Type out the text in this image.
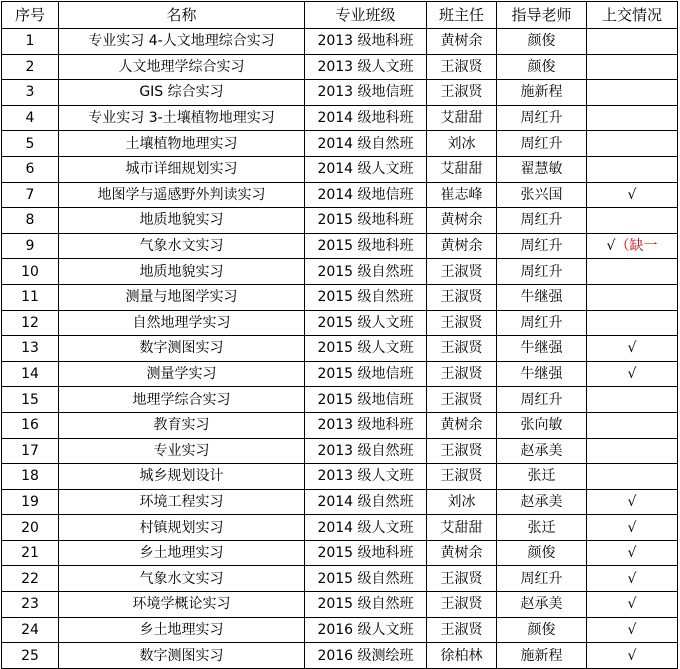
序号	名称	专业班级	班主任	指导老师	上交情况
1	专业实习 4-人文地理综合实习	2013 级地科班	黄树余	颜俊	
2	人文地理学综合实习	2013 级人文班	王淑贤	颜俊	
3	GIS 综合实习	2013 级地信班	王淑贤	施新程	
4	专业实习 3-土壤植物地理实习	2014 级地科班	艾甜甜	周红升	
5	土壤植物地理实习	2014 级自然班	刘冰	周红升	
6	城市详细规划实习	2014 级人文班	艾甜甜	翟慧敏	
7	地图学与遥感野外判读实习	2014 级地信班	崔志峰	张兴国	√
8	地质地貌实习	2015 级地科班	黄树余	周红升	
9	气象水文实习	2015 级地科班	黄树余	周红升	√（缺一
10	地质地貌实习	2015 级自然班	王淑贤	周红升	
11	测量与地图学实习	2015 级自然班	王淑贤	牛继强	
12	自然地理学实习	2015 级人文班	王淑贤	周红升	
13	数字测图实习	2015 级人文班	王淑贤	牛继强	√
14	测量学实习	2015 级地信班	王淑贤	牛继强	√
15	地理学综合实习	2015 级地信班	王淑贤	周红升	
16	教育实习	2013 级地科班	黄树余	张向敏	
17	专业实习	2013 级自然班	王淑贤	赵承美	
18	城乡规划设计	2013 级人文班	王淑贤	张迁	
19	环境工程实习	2014 级自然班	刘冰	赵承美	√
20	村镇规划实习	2014 级人文班	艾甜甜	张迁	√
21	乡土地理实习	2015 级地科班	黄树余	颜俊	√
22	气象水文实习	2015 级自然班	王淑贤	周红升	√
23	环境学概论实习	2015 级自然班	王淑贤	赵承美	√
24	乡土地理实习	2016 级人文班	王淑贤	颜俊	√
25	数字测图实习	2016 级测绘班	徐柏林	施新程	√
